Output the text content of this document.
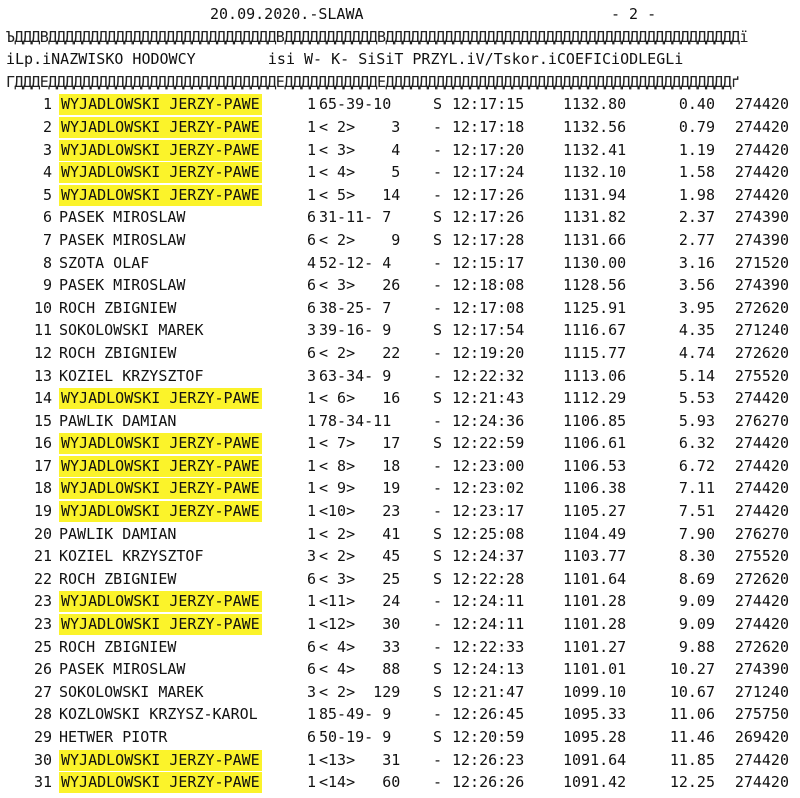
20.09.2020.-SLAWA

	- 2 -

ЪДДДВДДДДДДДДДДДДДДДДДДДДДДДДДДДВДДДДДДДДДДДВДДДДДДДДДДДДДДДДДДДДДДДДДДДДДДДДДДДДДДДДДДї

iLp.iNAZWISKO HODOWCY        isi W- K- SiSiT PRZYL.iV/Tskor.iCOEFICiODLEGLi

ГДДДЕДДДДДДДДДДДДДДДДДДДДДДДДДДДЕДДДДДДДДДДДЕДДДДДДДДДДДДДДДДДДДДДДДДДДДДДДДДДДДДДДДДДґ

1 WYJADLOWSKI JERZY-PAWE	1 65-39-10	S 12:17:15	1132.80	0.40	274420
2 WYJADLOWSKI JERZY-PAWE	1 < 2>    3 - 12:17:18	1132.56	0.79	274420
3 WYJADLOWSKI JERZY-PAWE	1 < 3>    4 - 12:17:20	1132.41	1.19	274420
4 WYJADLOWSKI JERZY-PAWE	1 < 4>    5 - 12:17:24	1132.10	1.58	274420
5 WYJADLOWSKI JERZY-PAWE	1 < 5>   14 - 12:17:26	1131.94	1.98	274420
6 PASEK MIROSLAW	6 31-11- 7	S 12:17:26	1131.82	2.37	274390
7 PASEK MIROSLAW	6 < 2>    9 S 12:17:28	1131.66	2.77	274390
8 SZOTA OLAF	4 52-12- 4	- 12:15:17	1130.00	3.16	271520
9 PASEK MIROSLAW	6 < 3>   26 - 12:18:08	1128.56	3.56	274390
10 ROCH ZBIGNIEW	6 38-25- 7	- 12:17:08	1125.91	3.95	272620
11 SOKOLOWSKI MAREK	3 39-16- 9	S 12:17:54	1116.67	4.35	271240
12 ROCH ZBIGNIEW	6 < 2>   22 - 12:19:20	1115.77	4.74	272620
13 KOZIEL KRZYSZTOF	3 63-34- 9	- 12:22:32	1113.06	5.14	275520
14 WYJADLOWSKI JERZY-PAWE	1 < 6>   16 S 12:21:43	1112.29	5.53	274420
15 PAWLIK DAMIAN	1 78-34-11	- 12:24:36	1106.85	5.93	276270
16 WYJADLOWSKI JERZY-PAWE	1 < 7>   17 S 12:22:59	1106.61	6.32	274420
17 WYJADLOWSKI JERZY-PAWE	1 < 8>   18 - 12:23:00	1106.53	6.72	274420
18 WYJADLOWSKI JERZY-PAWE	1 < 9>   19 - 12:23:02	1106.38	7.11	274420
19 WYJADLOWSKI JERZY-PAWE	1 <10>   23 - 12:23:17	1105.27	7.51	274420
20 PAWLIK DAMIAN	1 < 2>   41 S 12:25:08	1104.49	7.90	276270
21 KOZIEL KRZYSZTOF	3 < 2>   45 S 12:24:37	1103.77	8.30	275520
22 ROCH ZBIGNIEW	6 < 3>   25 S 12:22:28	1101.64	8.69	272620
23 WYJADLOWSKI JERZY-PAWE	1 <11>   24 - 12:24:11	1101.28	9.09	274420
23 WYJADLOWSKI JERZY-PAWE	1 <12>   30 - 12:24:11	1101.28	9.09	274420
25 ROCH ZBIGNIEW	6 < 4>   33 - 12:22:33	1101.27	9.88	272620
26 PASEK MIROSLAW	6 < 4>   88 S 12:24:13	1101.01	10.27	274390
27 SOKOLOWSKI MAREK	3 < 2>  129 S 12:21:47	1099.10	10.67	271240
28 KOZLOWSKI KRZYSZ-KAROL	1 85-49- 9	- 12:26:45	1095.33	11.06	275750
29 HETWER PIOTR	6 50-19- 9	S 12:20:59	1095.28	11.46	269420
30 WYJADLOWSKI JERZY-PAWE	1 <13>   31 - 12:26:23	1091.64	11.85	274420
31 WYJADLOWSKI JERZY-PAWE	1 <14>   60 - 12:26:26	1091.42	12.25	274420
